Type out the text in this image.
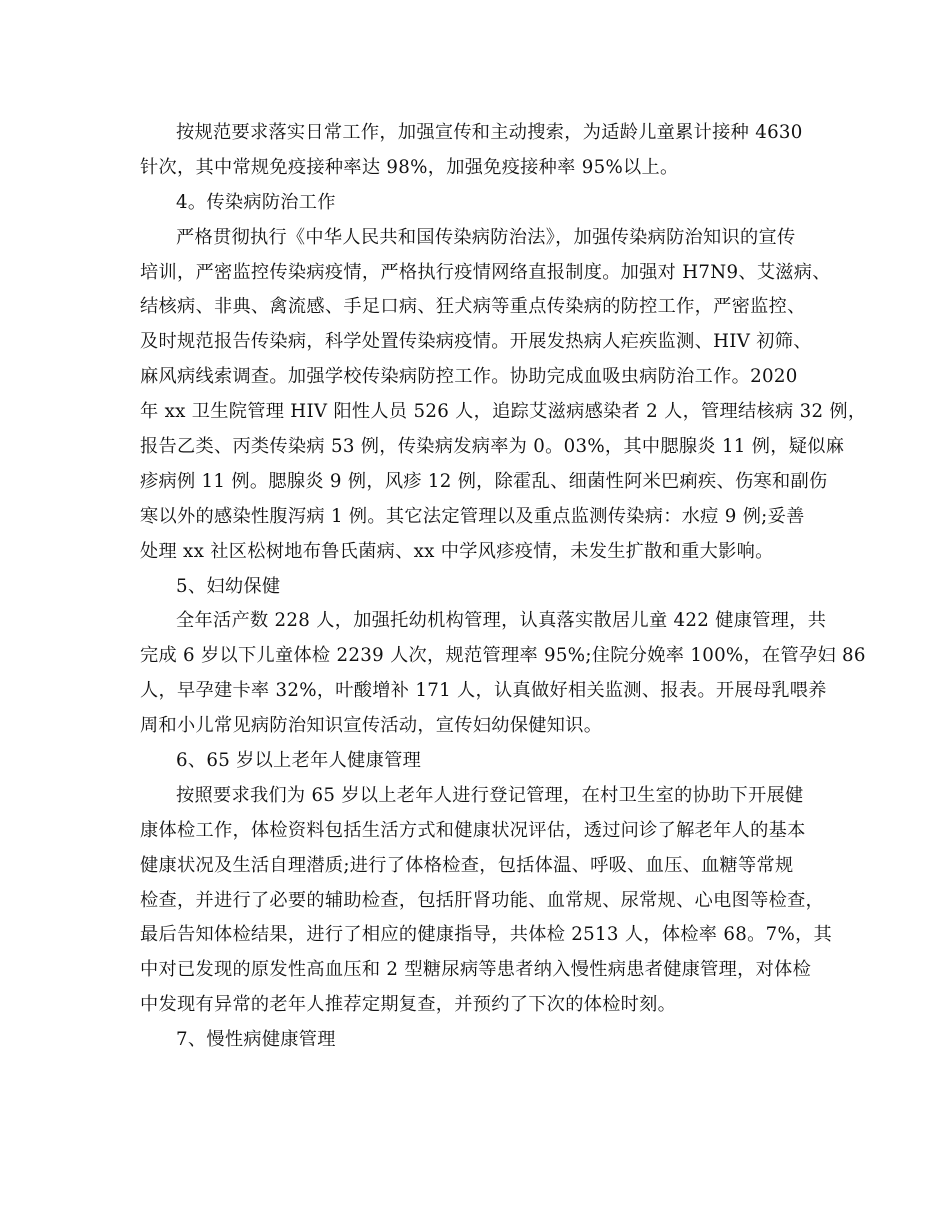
按规范要求落实日常工作，加强宣传和主动搜索，为适龄儿童累计接种 4630
针次，其中常规免疫接种率达 98%，加强免疫接种率 95%以上。
4。传染病防治工作
严格贯彻执行《中华人民共和国传染病防治法》，加强传染病防治知识的宣传
培训，严密监控传染病疫情，严格执行疫情网络直报制度。加强对 H7N9、艾滋病、
结核病、非典、禽流感、手足口病、狂犬病等重点传染病的防控工作，严密监控、
及时规范报告传染病，科学处置传染病疫情。开展发热病人疟疾监测、HIV 初筛、
麻风病线索调查。加强学校传染病防控工作。协助完成血吸虫病防治工作。2020
年 xx 卫生院管理 HIV 阳性人员 526 人，追踪艾滋病感染者 2 人，管理结核病 32 例，
报告乙类、丙类传染病 53 例，传染病发病率为 0。03%，其中腮腺炎 11 例，疑似麻
疹病例 11 例。腮腺炎 9 例，风疹 12 例，除霍乱、细菌性阿米巴痢疾、伤寒和副伤
寒以外的感染性腹泻病 1 例。其它法定管理以及重点监测传染病：水痘 9 例;妥善
处理 xx 社区松树地布鲁氏菌病、xx 中学风疹疫情，未发生扩散和重大影响。
5、妇幼保健
全年活产数 228 人，加强托幼机构管理，认真落实散居儿童 422 健康管理，共
完成 6 岁以下儿童体检 2239 人次，规范管理率 95%;住院分娩率 100%，在管孕妇 86
人，早孕建卡率 32%，叶酸增补 171 人，认真做好相关监测、报表。开展母乳喂养
周和小儿常见病防治知识宣传活动，宣传妇幼保健知识。
6、65 岁以上老年人健康管理
按照要求我们为 65 岁以上老年人进行登记管理，在村卫生室的协助下开展健
康体检工作，体检资料包括生活方式和健康状况评估，透过问诊了解老年人的基本
健康状况及生活自理潜质;进行了体格检查，包括体温、呼吸、血压、血糖等常规
检查，并进行了必要的辅助检查，包括肝肾功能、血常规、尿常规、心电图等检查，
最后告知体检结果，进行了相应的健康指导，共体检 2513 人，体检率 68。7%，其
中对已发现的原发性高血压和 2 型糖尿病等患者纳入慢性病患者健康管理，对体检
中发现有异常的老年人推荐定期复查，并预约了下次的体检时刻。
7、慢性病健康管理
